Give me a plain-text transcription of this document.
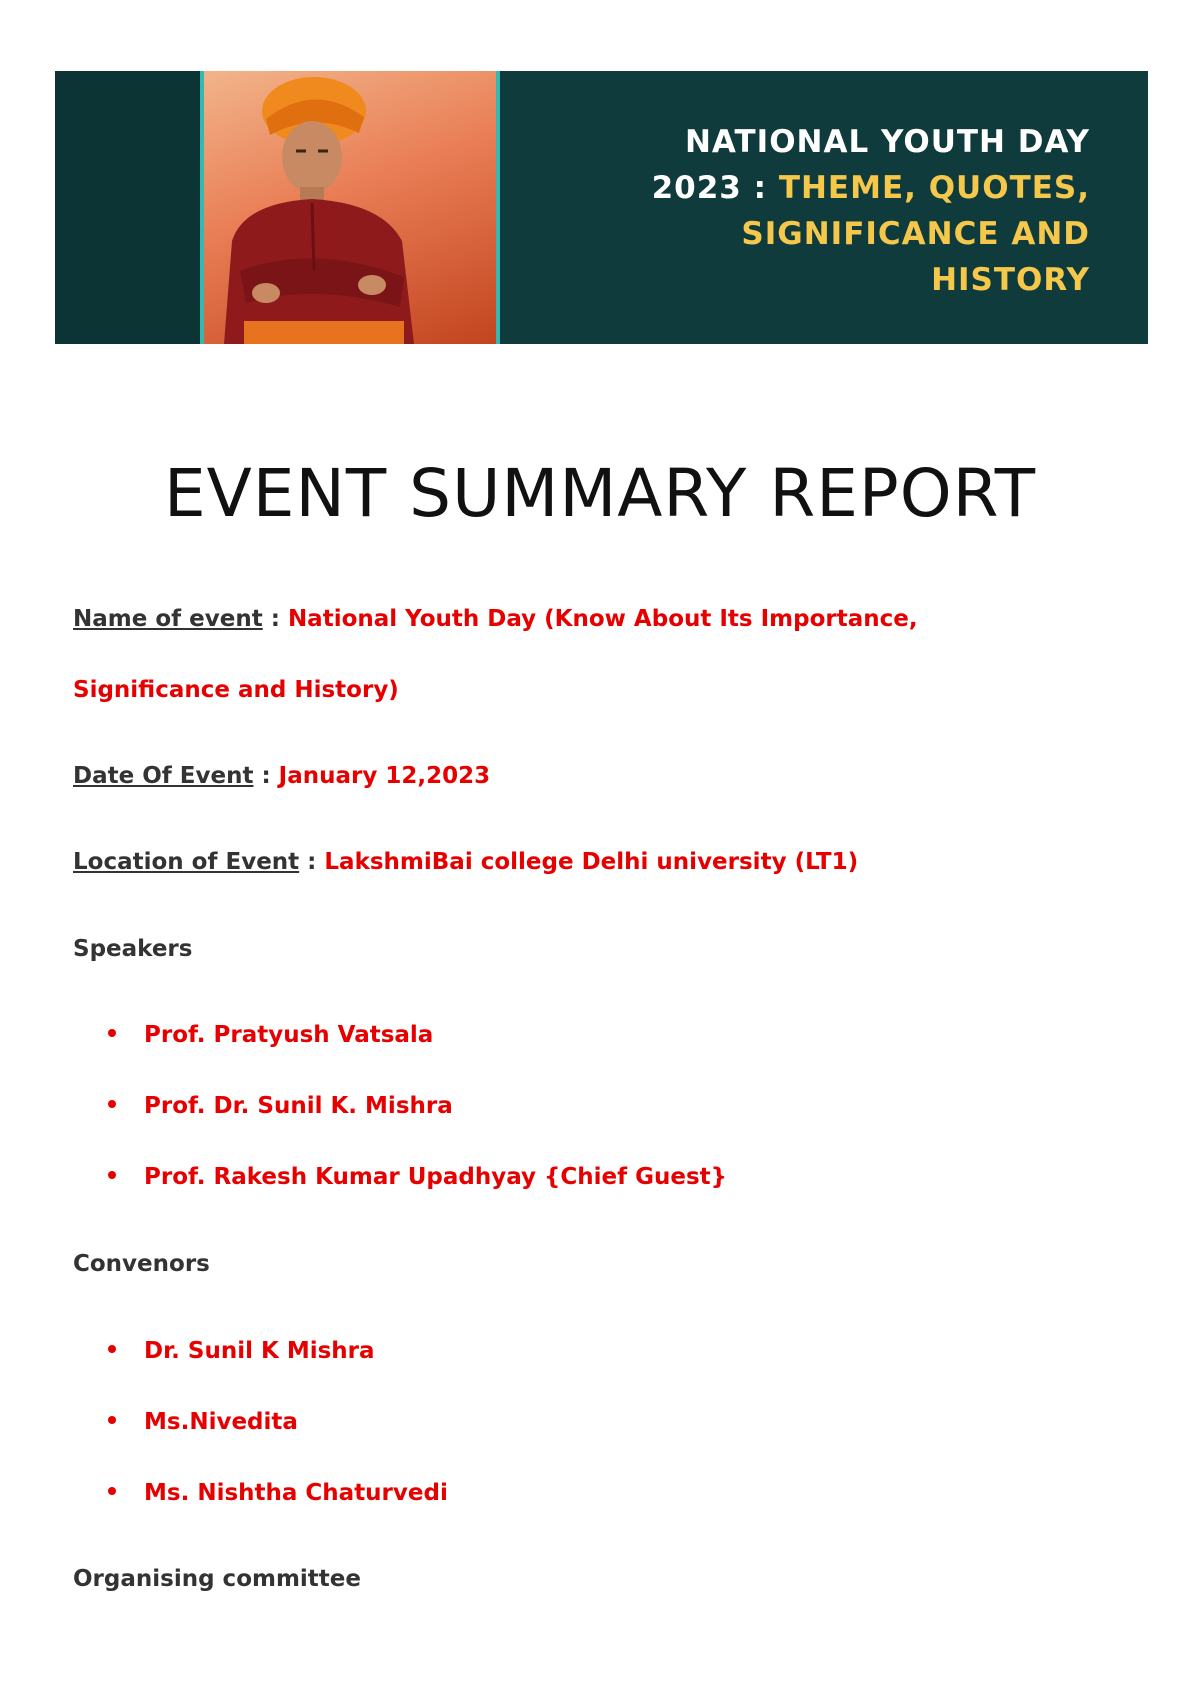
NATIONAL YOUTH DAY
2023 : THEME, QUOTES,
SIGNIFICANCE AND
HISTORY
EVENT SUMMARY REPORT
Name of event : National Youth Day (Know About Its Importance,
Significance and History)
Date Of Event : January 12,2023
Location of Event : LakshmiBai college Delhi university (LT1)
Speakers
Prof. Pratyush Vatsala
Prof. Dr. Sunil K. Mishra
Prof. Rakesh Kumar Upadhyay {Chief Guest}
Convenors
Dr. Sunil K Mishra
Ms.Nivedita
Ms. Nishtha Chaturvedi
Organising committee
